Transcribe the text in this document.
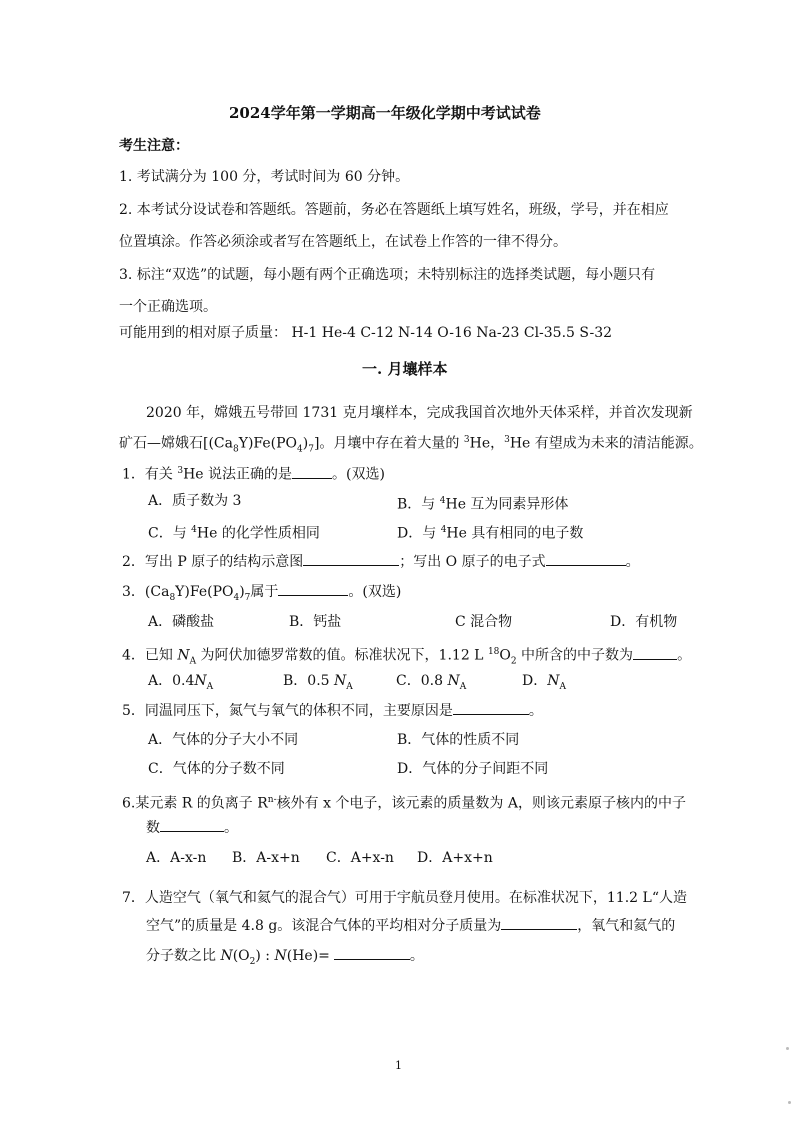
2024学年第一学期高一年级化学期中考试试卷
考生注意：
1. 考试满分为 100 分，考试时间为 60 分钟。
2. 本考试分设试卷和答题纸。答题前，务必在答题纸上填写姓名，班级，学号，并在相应
位置填涂。作答必须涂或者写在答题纸上，在试卷上作答的一律不得分。
3. 标注“双选”的试题，每小题有两个正确选项；未特别标注的选择类试题，每小题只有
一个正确选项。
可能用到的相对原子质量： H-1 He-4 C-12 N-14 O-16 Na-23 Cl-35.5 S-32
一. 月壤样本
2020 年，嫦娥五号带回 1731 克月壤样本，完成我国首次地外天体采样，并首次发现新
矿石—嫦娥石$[(Ca_8Y)Fe(PO_4)_7]$。月壤中存在着大量的 $^3$He，$^3$He 有望成为未来的清洁能源。
1．有关 $^3$He 说法正确的是	。(双选)
A．质子数为 3	B．与 $^4$He 互为同素异形体
C．与 $^4$He 的化学性质相同	D．与 $^4$He 具有相同的电子数
2．写出 P 原子的结构示意图	；写出 O 原子的电子式	。
3．$(Ca_8Y)Fe(PO_4)_7$属于	。(双选)
A．磷酸盐	B．钙盐	C 混合物	D．有机物
4．已知 $N_A$ 为阿伏加德罗常数的值。标准状况下，1.12 L $^{18}O_2$ 中所含的中子数为	。
A．$0.4N_A$	B．0.5 $N_A$	C．0.8 $N_A$	D．$N_A$
5．同温同压下，氮气与氧气的体积不同，主要原因是	。
A．气体的分子大小不同	B．气体的性质不同
C．气体的分子数不同	D．气体的分子间距不同
6.某元素 R 的负离子 $R^{n-}$核外有 x 个电子，该元素的质量数为 A，则该元素原子核内的中子
数	。
A．A-x-n B．A-x+n C．A+x-n D．A+x+n
7．人造空气（氧气和氦气的混合气）可用于宇航员登月使用。在标准状况下，11.2 L“人造
空气”的质量是 4.8 g。该混合气体的平均相对分子质量为	，氧气和氦气的
分子数之比 $N(O_2)$ : N(He)=	。
1
